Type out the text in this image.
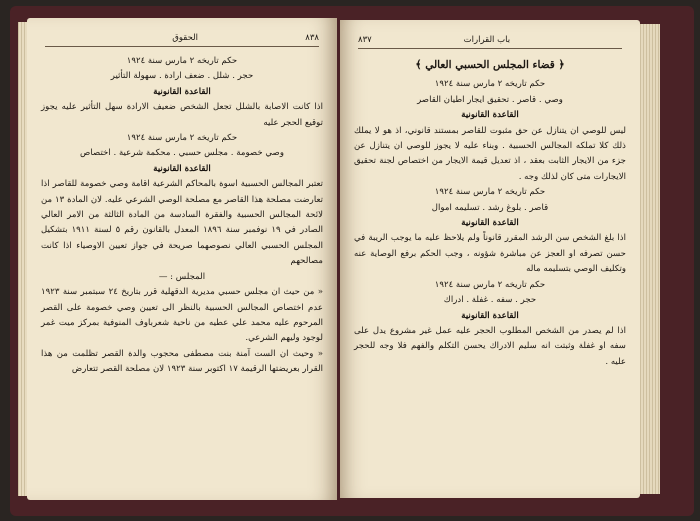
٨٣٨
الحقوق

حكم تاريخه ٢ مارس سنة ١٩٢٤

حجر . شلل . ضعف ارادة . سهولة التأثير

القاعدة القانونية

اذا كانت الاصابة بالشلل تجعل الشخص ضعيف الارادة سهل التأثير عليه يجوز توقيع الحجر عليه

حكم تاريخه ٢ مارس سنة ١٩٢٤

وصي خصومة . مجلس حسبي . محكمة شرعية . اختصاص

القاعدة القانونية

تعتبر المجالس الحسبية اسوة بالمحاكم الشرعية اقامة وصي خصومة للقاصر اذا تعارضت مصلحة هذا القاصر مع مصلحة الوصي الشرعي عليه. لان المادة ١٣ من لائحة المجالس الحسبية والفقرة السادسة من المادة الثالثة من الامر العالي الصادر في ١٩ نوفمبر سنة ١٨٩٦ المعدل بالقانون رقم ٥ لسنة ١٩١١ بتشكيل المجلس الحسبي العالي نصوصهما صريحة في جواز تعيين الاوصياء اذا كانت مصالحهم

المجلس : —

« من حيث ان مجلس حسبي مديرية الدقهلية قرر بتاريخ ٢٤ سبتمبر سنة ١٩٢٣ عدم اختصاص المجالس الحسبية بالنظر الى تعيين وصي خصومة على القصر المرحوم عليه محمد علي عطيه من ناحية شعرباوف المنوفية بمركز ميت غمر لوجود وليهم الشرعي.

« وحيث ان الست آمنة بنت مصطفى محجوب والدة القصر تظلمت من هذا القرار بعريضتها الرقيمة ١٧ اكتوبر سنة ١٩٢٣ لان مصلحة القصر تتعارض

باب القرارات
٨٣٧
﴿ قضاء المجلس الحسبي العالي ﴾

حكم تاريخه ٢ مارس سنة ١٩٢٤

وصي . قاصر . تحقيق ايجار اطيان القاصر

القاعدة القانونية

ليس للوصي ان يتنازل عن حق مثبوت للقاصر بمستند قانوني، اذ هو لا يملك ذلك كلا تملكه المجالس الحسبية . وبناء عليه لا يجوز للوصي ان يتنازل عن جزء من الايجار الثابت بعقد ، اذ تعديل قيمة الايجار من اختصاص لجنة تحقيق الايجارات متى كان لذلك وجه .

حكم تاريخه ٢ مارس سنة ١٩٢٤

قاصر . بلوغ رشد . تسليمه اموال

القاعدة القانونية

اذا بلغ الشخص سن الرشد المقرر قانوناً ولم يلاحظ عليه ما يوجب الريبة في حسن تصرفه او العجز عن مباشرة شؤونه ، وجب الحكم برفع الوصاية عنه وتكليف الوصي بتسليمه ماله

حكم تاريخه ٢ مارس سنة ١٩٢٤

حجر . سفه . غفلة . ادراك

القاعدة القانونية

اذا لم يصدر من الشخص المطلوب الحجر عليه عمل غير مشروع يدل على سفه او غفلة وثبتت انه سليم الادراك يحسن التكلم والفهم فلا وجه للحجر عليه .
